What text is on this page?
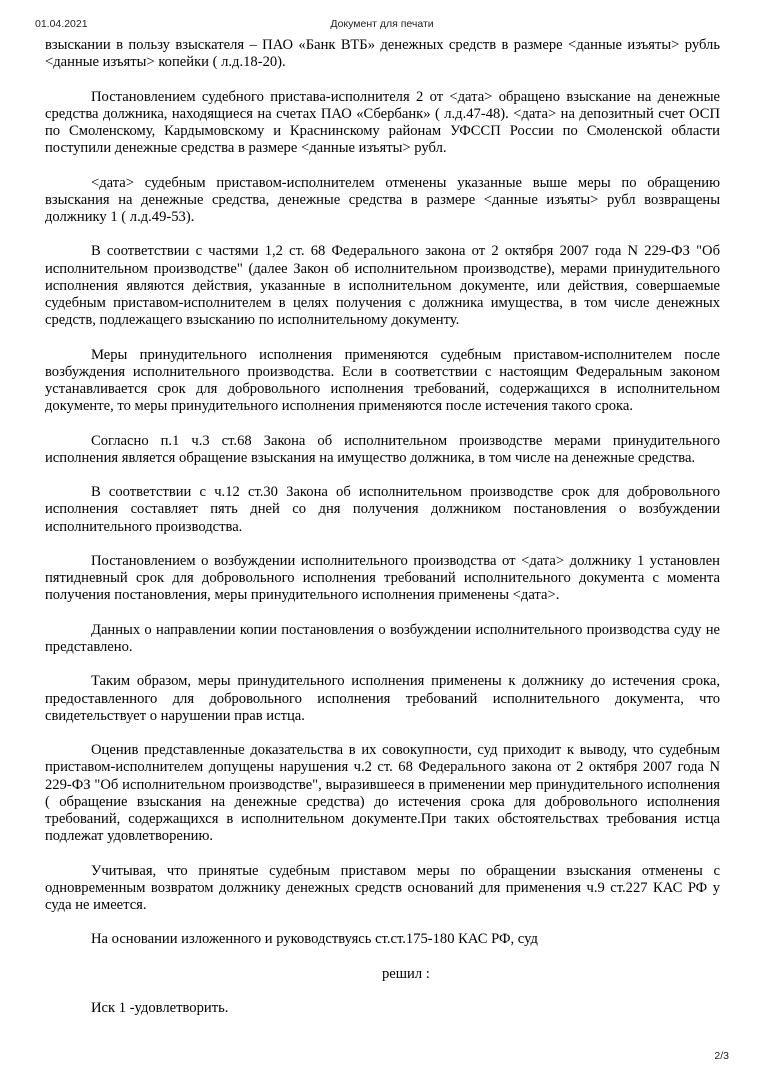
01.04.2021	Документ для печати

взыскании в пользу взыскателя – ПАО «Банк ВТБ» денежных средств в размере <данные изъяты> рубль <данные изъяты> копейки ( л.д.18-20).

Постановлением судебного пристава-исполнителя 2 от <дата> обращено взыскание на денежные средства должника, находящиеся на счетах ПАО «Сбербанк» ( л.д.47-48). <дата> на депозитный счет ОСП по Смоленскому, Кардымовскому и Краснинскому районам УФССП России по Смоленской области поступили денежные средства в размере <данные изъяты> рубл.

<дата> судебным приставом-исполнителем отменены указанные выше меры по обращению взыскания на денежные средства, денежные средства в размере <данные изъяты> рубл возвращены должнику 1 ( л.д.49-53).

В соответствии с частями 1,2 ст. 68 Федерального закона от 2 октября 2007 года N 229-ФЗ "Об исполнительном производстве" (далее Закон об исполнительном производстве), мерами принудительного исполнения являются действия, указанные в исполнительном документе, или действия, совершаемые судебным приставом-исполнителем в целях получения с должника имущества, в том числе денежных средств, подлежащего взысканию по исполнительному документу.

Меры принудительного исполнения применяются судебным приставом-исполнителем после возбуждения исполнительного производства. Если в соответствии с настоящим Федеральным законом устанавливается срок для добровольного исполнения требований, содержащихся в исполнительном документе, то меры принудительного исполнения применяются после истечения такого срока.

Согласно п.1 ч.3 ст.68 Закона об исполнительном производстве мерами принудительного исполнения является обращение взыскания на имущество должника, в том числе на денежные средства.

В соответствии с ч.12 ст.30 Закона об исполнительном производстве срок для добровольного исполнения составляет пять дней со дня получения должником постановления о возбуждении исполнительного производства.

Постановлением о возбуждении исполнительного производства от <дата> должнику 1 установлен пятидневный срок для добровольного исполнения требований исполнительного документа с момента получения постановления, меры принудительного исполнения применены <дата>.

Данных о направлении копии постановления о возбуждении исполнительного производства суду не представлено.

Таким образом, меры принудительного исполнения применены к должнику до истечения срока, предоставленного для добровольного исполнения требований исполнительного документа, что свидетельствует о нарушении прав истца.

Оценив представленные доказательства в их совокупности, суд приходит к выводу, что судебным приставом-исполнителем допущены нарушения ч.2 ст. 68 Федерального закона от 2 октября 2007 года N 229-ФЗ "Об исполнительном производстве", выразившееся в применении мер принудительного исполнения ( обращение взыскания на денежные средства) до истечения срока для добровольного исполнения требований, содержащихся в исполнительном документе.При таких обстоятельствах требования истца подлежат удовлетворению.

Учитывая, что принятые судебным приставом меры по обращении взыскания отменены с одновременным возвратом должнику денежных средств оснований для применения ч.9 ст.227 КАС РФ у суда не имеется.

На основании изложенного и руководствуясь ст.ст.175-180 КАС РФ, суд

решил :

Иск 1 -удовлетворить.

2/3
